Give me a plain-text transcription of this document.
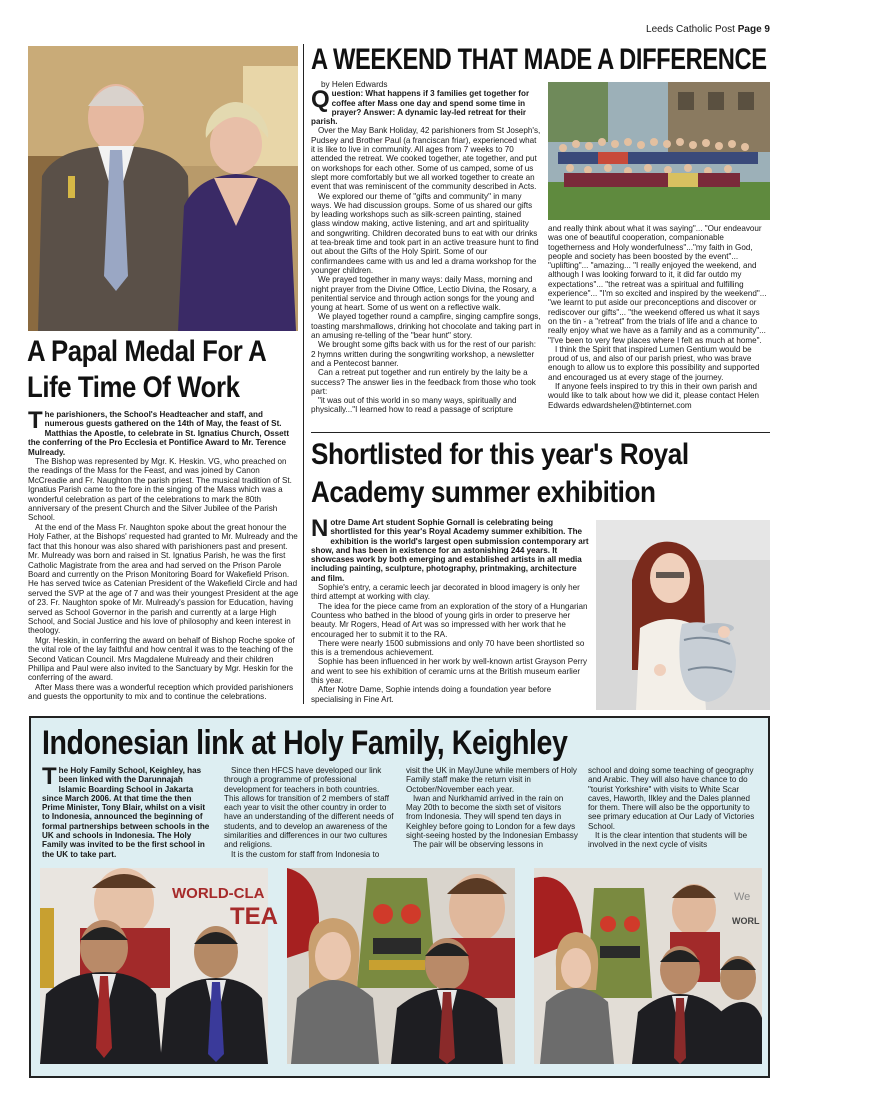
Leeds Catholic Post Page 9
A Papal Medal For A
Life Time Of Work

The parishioners, the School's Headteacher and staff, and numerous guests gathered on the 14th of May, the feast of St. Matthias the Apostle, to celebrate in St. Ignatius Church, Ossett the conferring of the Pro Ecclesia et Pontifice Award to Mr. Terence Mulready.

The Bishop was represented by Mgr. K. Heskin. VG, who preached on the readings of the Mass for the Feast, and was joined by Canon McCreadie and Fr. Naughton the parish priest. The musical tradition of St. Ignatius Parish came to the fore in the singing of the Mass which was a wonderful celebration as part of the celebrations to mark the 80th anniversary of the present Church and the Silver Jubilee of the Parish School.

At the end of the Mass Fr. Naughton spoke about the great honour the Holy Father, at the Bishops' requested had granted to Mr. Mulready and the fact that this honour was also shared with parishioners past and present. Mr. Mulready was born and raised in St. Ignatius Parish, he was the first Catholic Magistrate from the area and had served on the Prison Parole Board and currently on the Prison Monitoring Board for Wakefield Prison. He has served twice as Catenian President of the Wakefield Circle and had served the SVP at the age of 7 and was their youngest President at the age of 23. Fr. Naughton spoke of Mr. Mulready's passion for Education, having served as School Governor in the parish and currently at a large High School, and Social Justice and his love of philosophy and keen interest in theology.

Mgr. Heskin, in conferring the award on behalf of Bishop Roche spoke of the vital role of the lay faithful and how central it was to the teaching of the Second Vatican Council. Mrs Magdalene Mulready and their children Phillipa and Paul were also invited to the Sanctuary by Mgr. Heskin for the conferring of the award.

After Mass there was a wonderful reception which provided parishioners and guests the opportunity to mix and to continue the celebrations.

A WEEKEND THAT MADE A DIFFERENCE
by Helen Edwards

Question: What happens if 3 families get together for coffee after Mass one day and spend some time in prayer? Answer: A dynamic lay-led retreat for their parish.

Over the May Bank Holiday, 42 parishioners from St Joseph's, Pudsey and Brother Paul (a franciscan friar), experienced what it is like to live in community. All ages from 7 weeks to 70 attended the retreat. We cooked together, ate together, and put on workshops for each other. Some of us camped, some of us slept more comfortably but we all worked together to create an event that was reminiscent of the community described in Acts.

We explored our theme of "gifts and community" in many ways. We had discussion groups. Some of us shared our gifts by leading workshops such as silk-screen painting, stained glass window making, active listening, and art and spirituality and songwriting. Children decorated buns to eat with our drinks at tea-break time and took part in an active treasure hunt to find out about the Gifts of the Holy Spirit. Some of our confirmandees came with us and led a drama workshop for the younger children.

We prayed together in many ways: daily Mass, morning and night prayer from the Divine Office, Lectio Divina, the Rosary, a penitential service and through action songs for the young and young at heart. Some of us went on a reflective walk.

We played together round a campfire, singing campfire songs, toasting marshmallows, drinking hot chocolate and taking part in an amusing re-telling of the "bear hunt" story.

We brought some gifts back with us for the rest of our parish: 2 hymns written during the songwriting workshop, a newsletter and a Pentecost banner.

Can a retreat put together and run entirely by the laity be a success? The answer lies in the feedback from those who took part:

"it was out of this world in so many ways, spiritually and physically..."I learned how to read a passage of scripture

and really think about what it was saying"... "Our endeavour was one of beautiful cooperation, companionable togetherness and Holy wonderfulness"..."my faith in God, people and society has been boosted by the event"... "uplifting"... "amazing... "I really enjoyed the weekend, and although I was looking forward to it, it did far outdo my expectations"... "the retreat was a spiritual and fulfilling experience"... "I'm so excited and inspired by the weekend"... "we learnt to put aside our preconceptions and discover or rediscover our gifts"... "the weekend offered us what it says on the tin - a "retreat" from the trials of life and a chance to really enjoy what we have as a family and as a community"... "I've been to very few places where I felt as much at home".

I think the Spirit that inspired Lumen Gentium would be proud of us, and also of our parish priest, who was brave enough to allow us to explore this possibility and supported and encouraged us at every stage of the journey.

If anyone feels inspired to try this in their own parish and would like to talk about how we did it, please contact Helen Edwards edwardshelen@btinternet.com

Shortlisted for this year's Royal
Academy summer exhibition

Notre Dame Art student Sophie Gornall is celebrating being shortlisted for this year's Royal Academy summer exhibition. The exhibition is the world's largest open submission contemporary art show, and has been in existence for an astonishing 244 years. It showcases work by both emerging and established artists in all media including painting, sculpture, photography, printmaking, architecture and film.

Sophie's entry, a ceramic leech jar decorated in blood imagery is only her third attempt at working with clay.

The idea for the piece came from an exploration of the story of a Hungarian Countess who bathed in the blood of young girls in order to preserve her beauty. Mr Rogers, Head of Art was so impressed with her work that he encouraged her to submit it to the RA.

There were nearly 1500 submissions and only 70 have been shortlisted so this is a tremendous achievement.

Sophie has been influenced in her work by well-known artist Grayson Perry and went to see his exhibition of ceramic urns at the British museum earlier this year.

After Notre Dame, Sophie intends doing a foundation year before specialising in Fine Art.

Indonesian link at Holy Family, Keighley

The Holy Family School, Keighley, has been linked with the Darunnajah Islamic Boarding School in Jakarta since March 2006. At that time the then Prime Minister, Tony Blair, whilst on a visit to Indonesia, announced the beginning of formal partnerships between schools in the UK and schools in Indonesia. The Holy Family was invited to be the first school in the UK to take part.

Since then HFCS have developed our link through a programme of professional development for teachers in both countries. This allows for transition of 2 members of staff each year to visit the other country in order to have an understanding of the different needs of students, and to develop an awareness of the similarities and differences in our two cultures and religions.

It is the custom for staff from Indonesia to

visit the UK in May/June while members of Holy Family staff make the return visit in October/November each year.

Iwan and Nurkhamid arrived in the rain on May 20th to become the sixth set of visitors from Indonesia. They will spend ten days in Keighley before going to London for a few days sight-seeing hosted by the Indonesian Embassy

The pair will be observing lessons in

school and doing some teaching of geography and Arabic. They will also have chance to do "tourist Yorkshire" with visits to White Scar caves, Haworth, Ilkley and the Dales planned for them. There will also be the opportunity to see primary education at Our Lady of Victories School.

It is the clear intention that students will be involved in the next cycle of visits

WORLD-CLA
TEA
We
WORL
